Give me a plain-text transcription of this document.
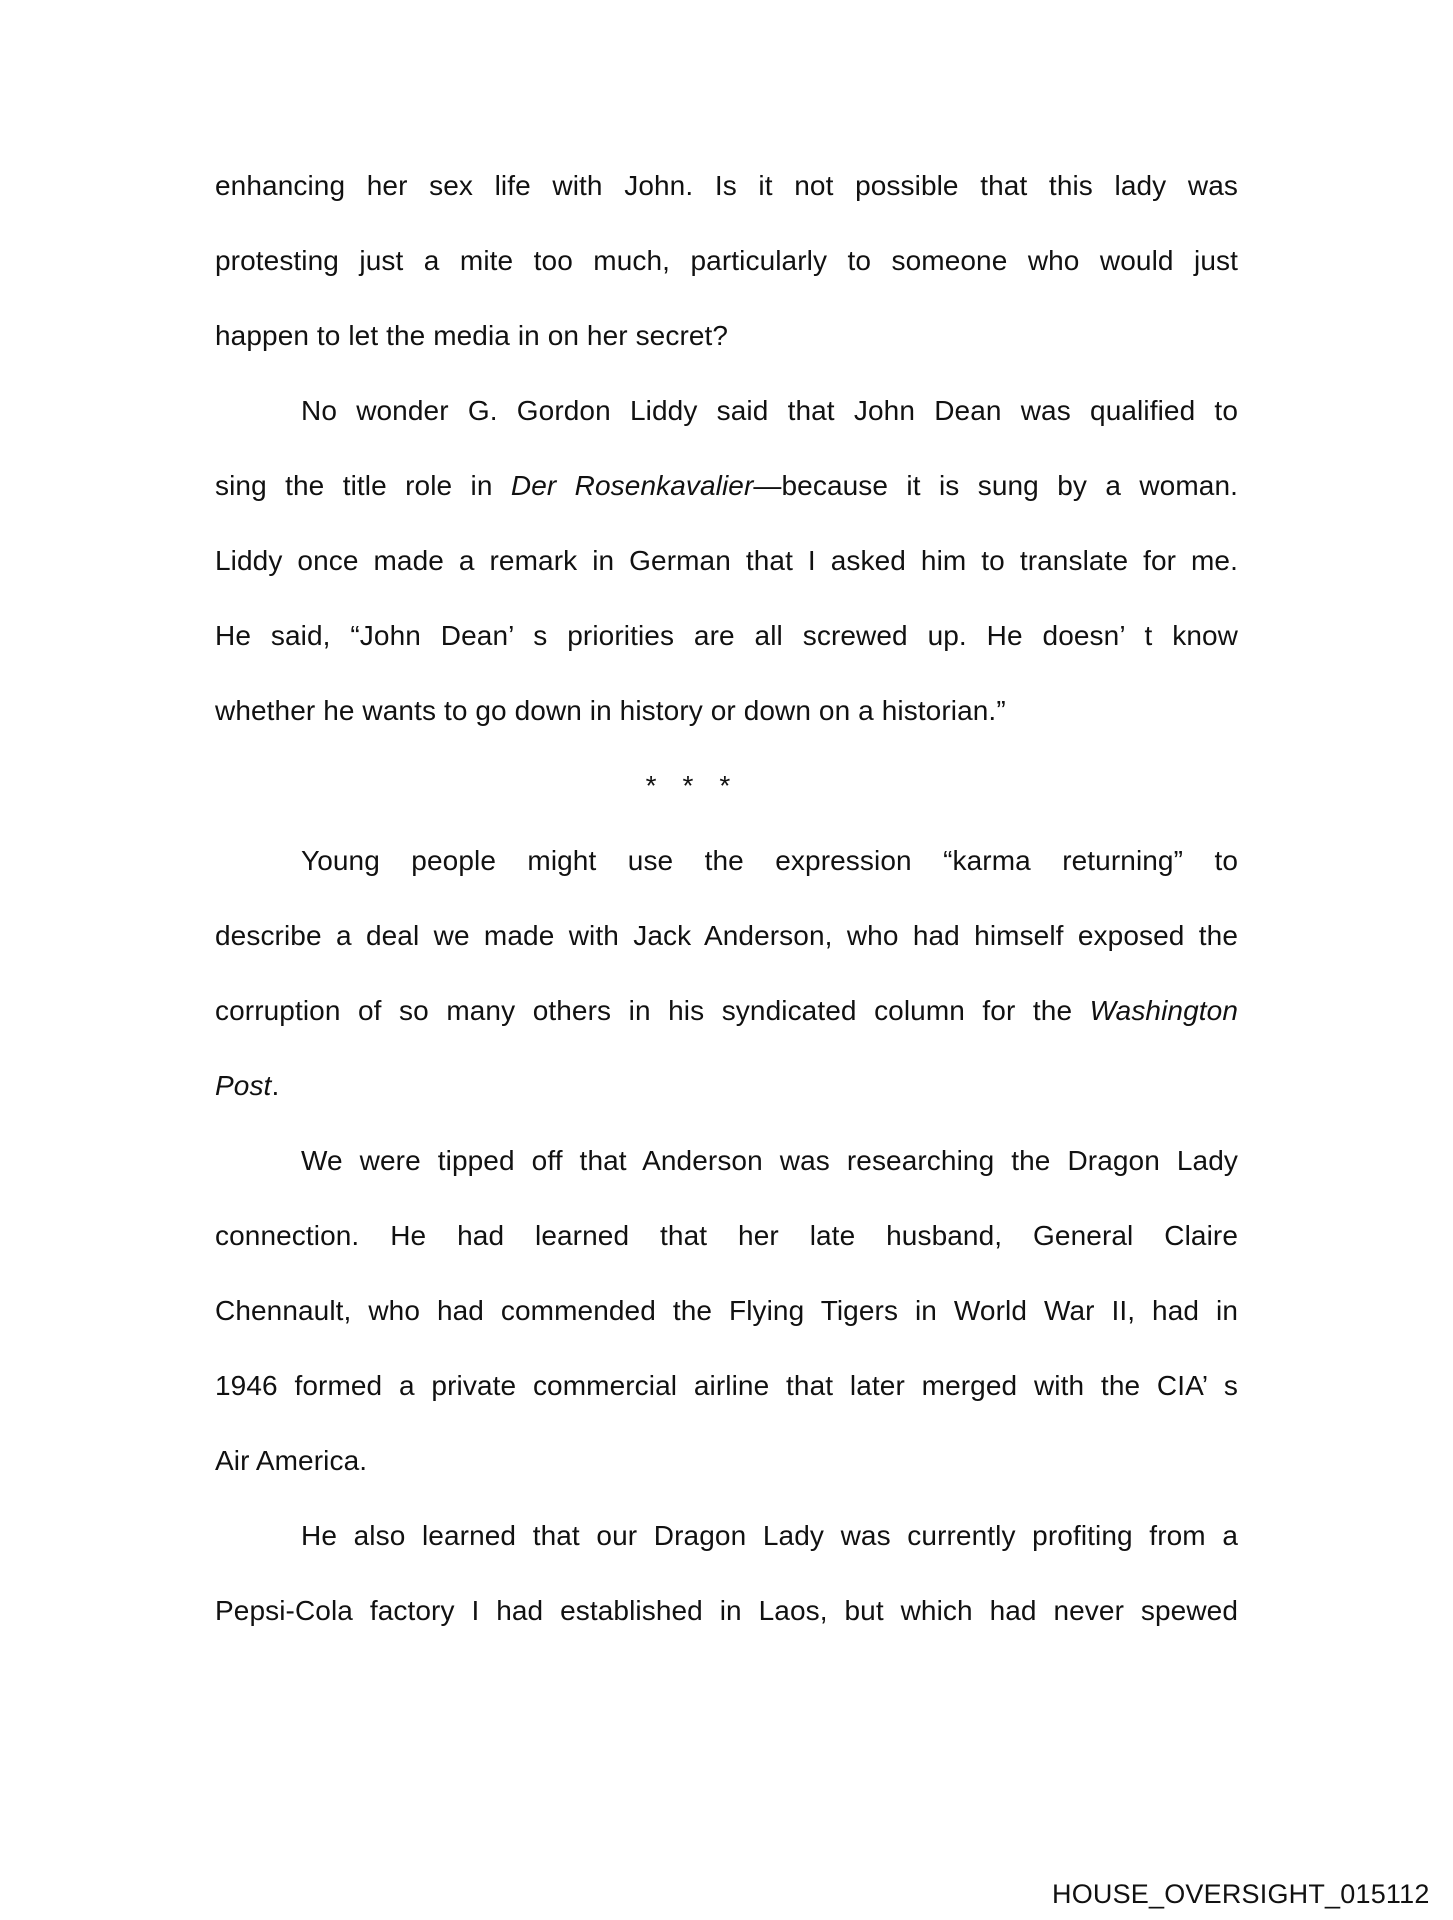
enhancing her sex life with John. Is it not possible that this lady was
protesting just a mite too much, particularly to someone who would just
happen to let the media in on her secret?
No wonder G. Gordon Liddy said that John Dean was qualified to
sing the title role in Der Rosenkavalier—because it is sung by a woman.
Liddy once made a remark in German that I asked him to translate for me.
He said, “John Dean’ s priorities are all screwed up. He doesn’ t know
whether he wants to go down in history or down on a historian.”
* * *
Young people might use the expression “karma returning” to
describe a deal we made with Jack Anderson, who had himself exposed the
corruption of so many others in his syndicated column for the Washington
Post.
We were tipped off that Anderson was researching the Dragon Lady
connection. He had learned that her late husband, General Claire
Chennault, who had commended the Flying Tigers in World War II, had in
1946 formed a private commercial airline that later merged with the CIA’ s
Air America.
He also learned that our Dragon Lady was currently profiting from a
Pepsi-Cola factory I had established in Laos, but which had never spewed
HOUSE_OVERSIGHT_015112
